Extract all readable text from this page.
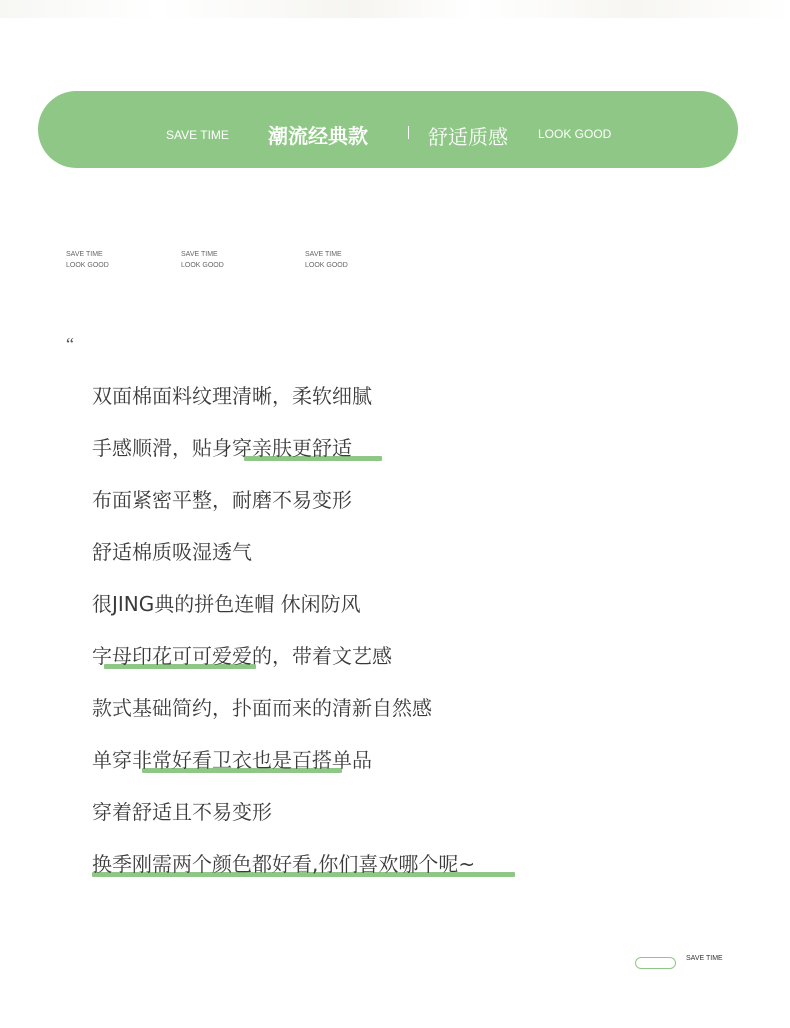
SAVE TIME 潮流经典款	舒适质感	LOOK GOOD
SAVE TIME
LOOK GOOD
SAVE TIME
LOOK GOOD
SAVE TIME
LOOK GOOD
“
双面棉面料纹理清晰，柔软细腻
手感顺滑，贴身穿亲肤更舒适
布面紧密平整，耐磨不易变形
舒适棉质吸湿透气
很JING典的拼色连帽 休闲防风
字母印花可可爱爱的，带着文艺感
款式基础简约，扑面而来的清新自然感
单穿非常好看卫衣也是百搭单品
穿着舒适且不易变形
换季刚需两个颜色都好看,你们喜欢哪个呢~
SAVE TIME
